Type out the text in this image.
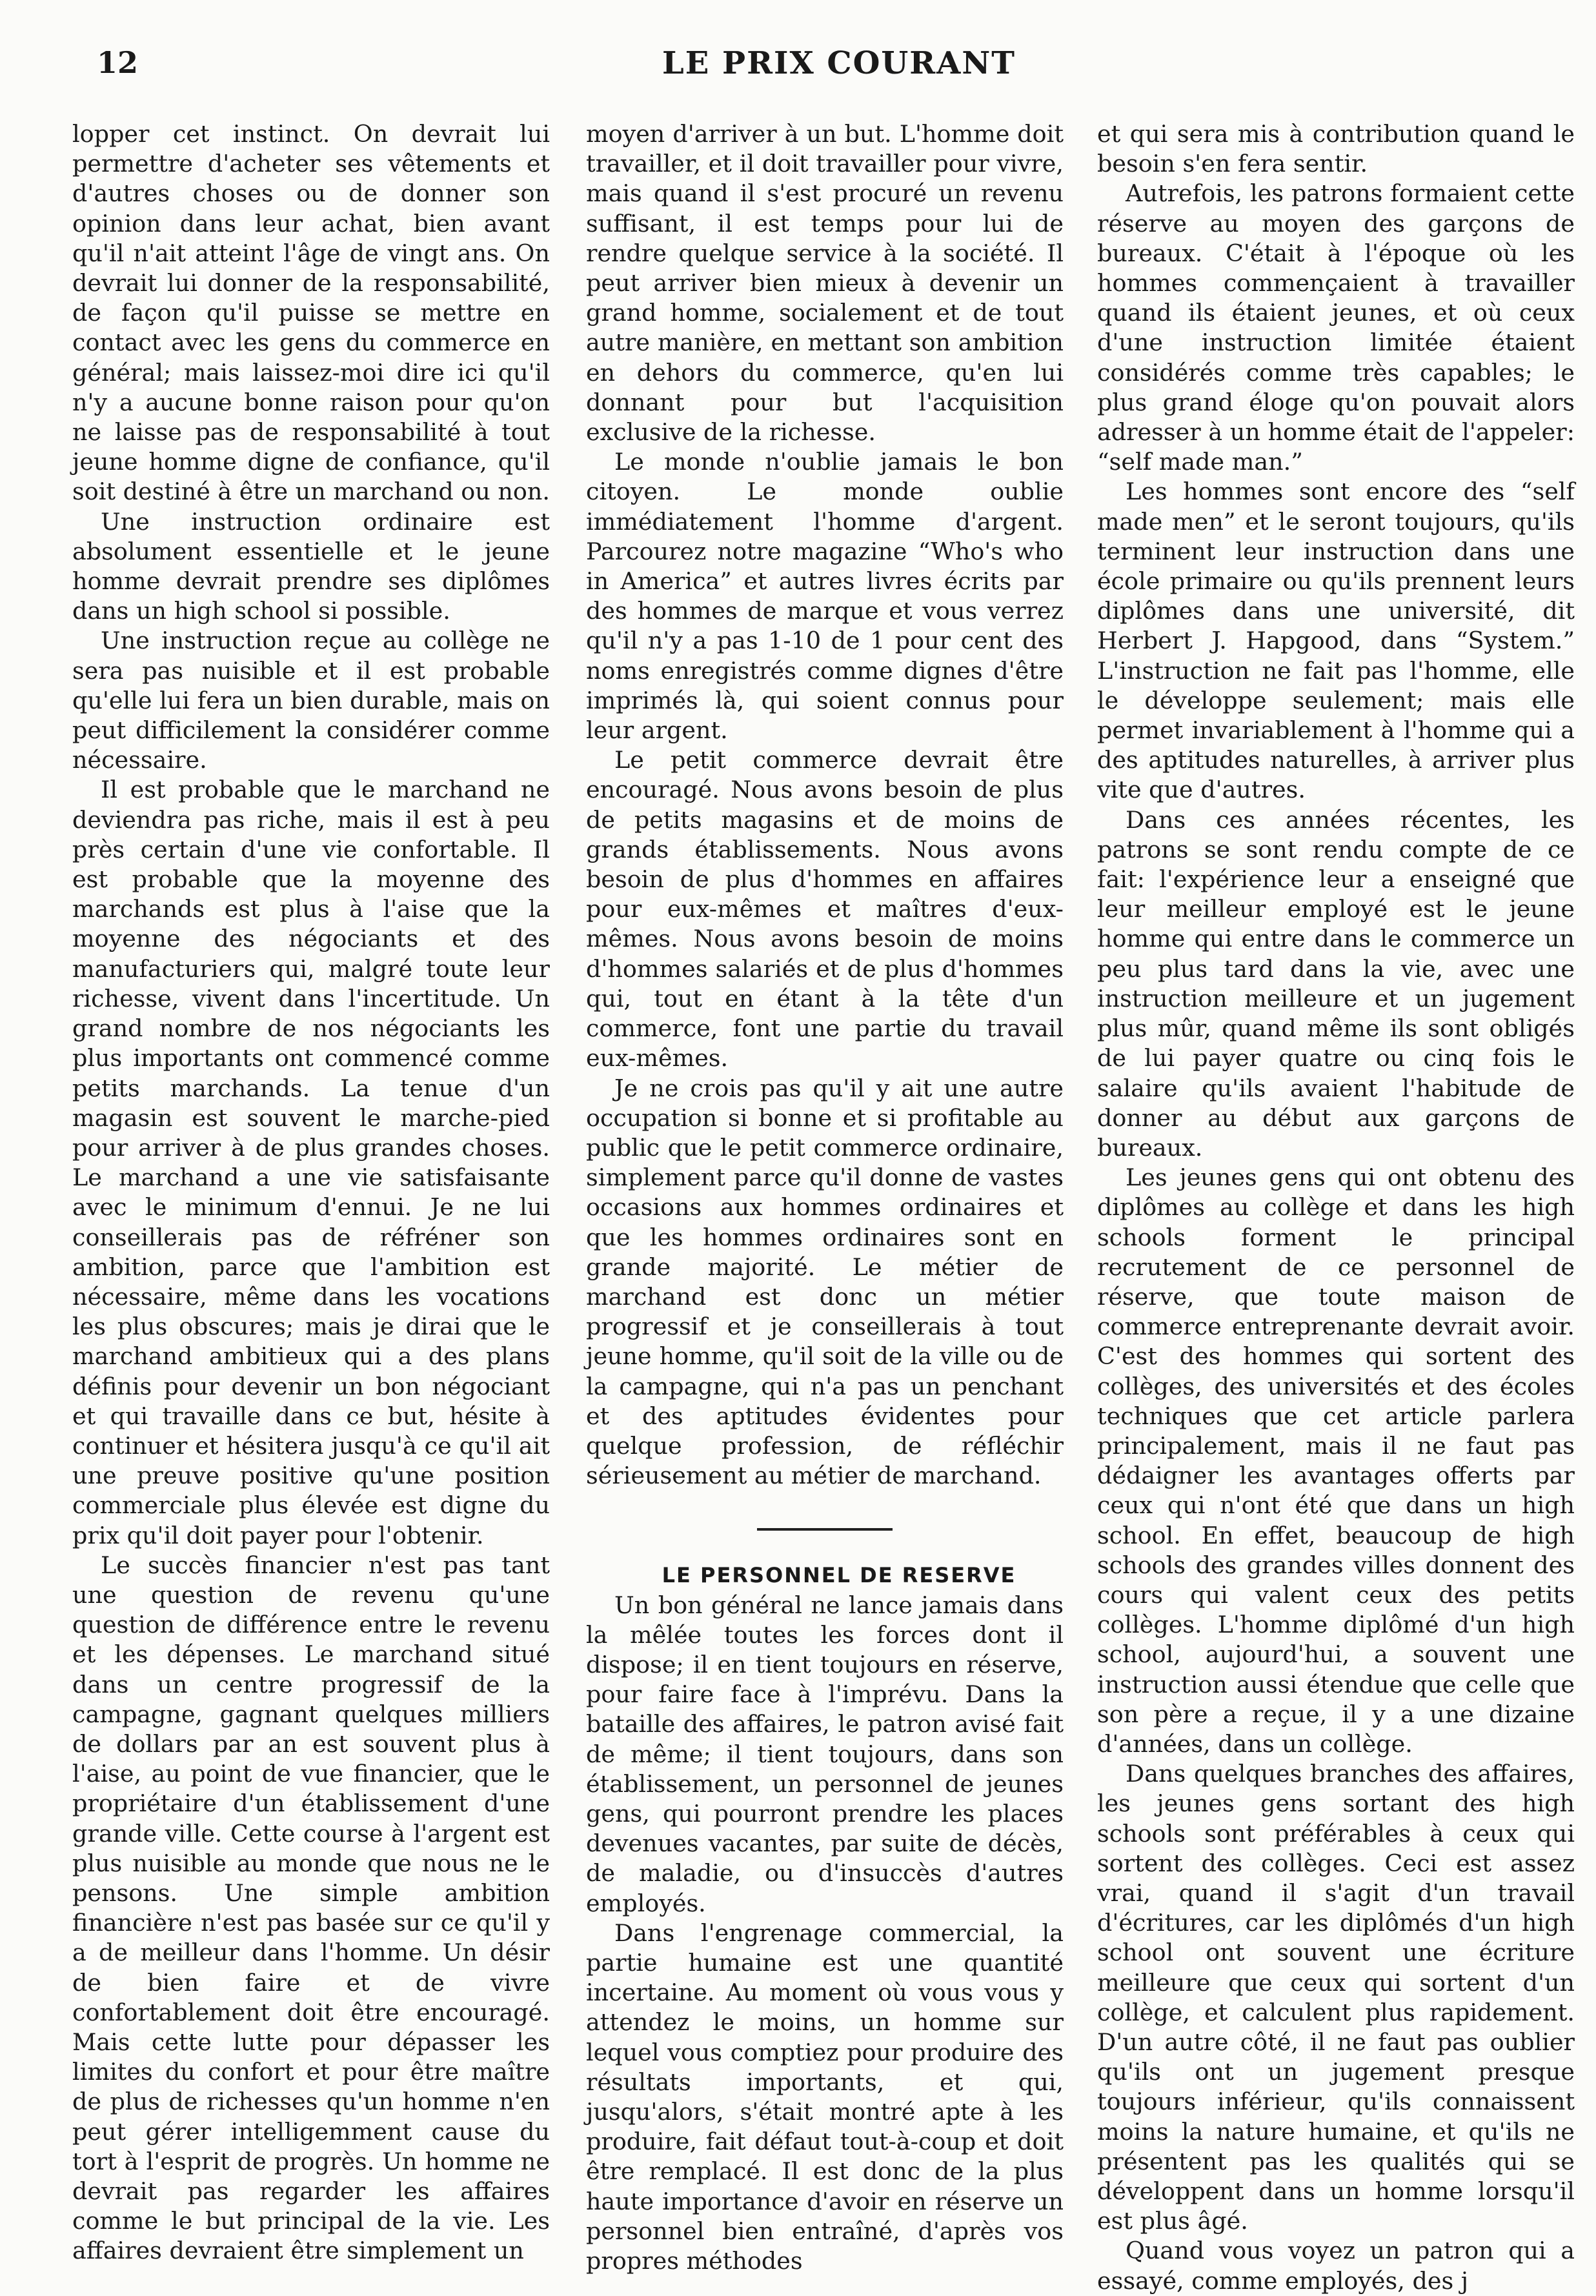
12	LE PRIX COURANT

lopper cet instinct. On devrait lui permettre d'acheter ses vêtements et d'autres choses ou de donner son opinion dans leur achat, bien avant qu'il n'ait atteint l'âge de vingt ans. On devrait lui donner de la responsabilité, de façon qu'il puisse se mettre en contact avec les gens du commerce en général; mais laissez-moi dire ici qu'il n'y a aucune bonne raison pour qu'on ne laisse pas de responsabilité à tout jeune homme digne de confiance, qu'il soit destiné à être un marchand ou non.

Une instruction ordinaire est absolument essentielle et le jeune homme devrait prendre ses diplômes dans un high school si possible.

Une instruction reçue au collège ne sera pas nuisible et il est probable qu'elle lui fera un bien durable, mais on peut difficilement la considérer comme nécessaire.

Il est probable que le marchand ne deviendra pas riche, mais il est à peu près certain d'une vie confortable. Il est probable que la moyenne des marchands est plus à l'aise que la moyenne des négociants et des manufacturiers qui, malgré toute leur richesse, vivent dans l'incertitude. Un grand nombre de nos négociants les plus importants ont commencé comme petits marchands. La tenue d'un magasin est souvent le marche-pied pour arriver à de plus grandes choses. Le marchand a une vie satisfaisante avec le minimum d'ennui. Je ne lui conseillerais pas de réfréner son ambition, parce que l'ambition est nécessaire, même dans les vocations les plus obscures; mais je dirai que le marchand ambitieux qui a des plans définis pour devenir un bon négociant et qui travaille dans ce but, hésite à continuer et hésitera jusqu'à ce qu'il ait une preuve positive qu'une position commerciale plus élevée est digne du prix qu'il doit payer pour l'obtenir.

Le succès financier n'est pas tant une question de revenu qu'une question de différence entre le revenu et les dépenses. Le marchand situé dans un centre progressif de la campagne, gagnant quelques milliers de dollars par an est souvent plus à l'aise, au point de vue financier, que le propriétaire d'un établissement d'une grande ville. Cette course à l'argent est plus nuisible au monde que nous ne le pensons. Une simple ambition financière n'est pas basée sur ce qu'il y a de meilleur dans l'homme. Un désir de bien faire et de vivre confortablement doit être encouragé. Mais cette lutte pour dépasser les limites du confort et pour être maître de plus de richesses qu'un homme n'en peut gérer intelligemment cause du tort à l'esprit de progrès. Un homme ne devrait pas regarder les affaires comme le but principal de la vie. Les affaires devraient être simplement un

moyen d'arriver à un but. L'homme doit travailler, et il doit travailler pour vivre, mais quand il s'est procuré un revenu suffisant, il est temps pour lui de rendre quelque service à la société. Il peut arriver bien mieux à devenir un grand homme, socialement et de tout autre manière, en mettant son ambition en dehors du commerce, qu'en lui donnant pour but l'acquisition exclusive de la richesse.

Le monde n'oublie jamais le bon citoyen. Le monde oublie immédiatement l'homme d'argent. Parcourez notre magazine “Who's who in America” et autres livres écrits par des hommes de marque et vous verrez qu'il n'y a pas 1-10 de 1 pour cent des noms enregistrés comme dignes d'être imprimés là, qui soient connus pour leur argent.

Le petit commerce devrait être encouragé. Nous avons besoin de plus de petits magasins et de moins de grands établissements. Nous avons besoin de plus d'hommes en affaires pour eux-mêmes et maîtres d'eux-mêmes. Nous avons besoin de moins d'hommes salariés et de plus d'hommes qui, tout en étant à la tête d'un commerce, font une partie du travail eux-mêmes.

Je ne crois pas qu'il y ait une autre occupation si bonne et si profitable au public que le petit commerce ordinaire, simplement parce qu'il donne de vastes occasions aux hommes ordinaires et que les hommes ordinaires sont en grande majorité. Le métier de marchand est donc un métier progressif et je conseillerais à tout jeune homme, qu'il soit de la ville ou de la campagne, qui n'a pas un penchant et des aptitudes évidentes pour quelque profession, de réfléchir sérieusement au métier de marchand.

LE PERSONNEL DE RESERVE

Un bon général ne lance jamais dans la mêlée toutes les forces dont il dispose; il en tient toujours en réserve, pour faire face à l'imprévu. Dans la bataille des affaires, le patron avisé fait de même; il tient toujours, dans son établissement, un personnel de jeunes gens, qui pourront prendre les places devenues vacantes, par suite de décès, de maladie, ou d'insuccès d'autres employés.

Dans l'engrenage commercial, la partie humaine est une quantité incertaine. Au moment où vous vous y attendez le moins, un homme sur lequel vous comptiez pour produire des résultats importants, et qui, jusqu'alors, s'était montré apte à les produire, fait défaut tout-à-coup et doit être remplacé. Il est donc de la plus haute importance d'avoir en réserve un personnel bien entraîné, d'après vos propres méthodes

et qui sera mis à contribution quand le besoin s'en fera sentir.

Autrefois, les patrons formaient cette réserve au moyen des garçons de bureaux. C'était à l'époque où les hommes commençaient à travailler quand ils étaient jeunes, et où ceux d'une instruction limitée étaient considérés comme très capables; le plus grand éloge qu'on pouvait alors adresser à un homme était de l'appeler: “self made man.”

Les hommes sont encore des “self made men” et le seront toujours, qu'ils terminent leur instruction dans une école primaire ou qu'ils prennent leurs diplômes dans une université, dit Herbert J. Hapgood, dans “System.” L'instruction ne fait pas l'homme, elle le développe seulement; mais elle permet invariablement à l'homme qui a des aptitudes naturelles, à arriver plus vite que d'autres.

Dans ces années récentes, les patrons se sont rendu compte de ce fait: l'expérience leur a enseigné que leur meilleur employé est le jeune homme qui entre dans le commerce un peu plus tard dans la vie, avec une instruction meilleure et un jugement plus mûr, quand même ils sont obligés de lui payer quatre ou cinq fois le salaire qu'ils avaient l'habitude de donner au début aux garçons de bureaux.

Les jeunes gens qui ont obtenu des diplômes au collège et dans les high schools forment le principal recrutement de ce personnel de réserve, que toute maison de commerce entreprenante devrait avoir. C'est des hommes qui sortent des collèges, des universités et des écoles techniques que cet article parlera principalement, mais il ne faut pas dédaigner les avantages offerts par ceux qui n'ont été que dans un high school. En effet, beaucoup de high schools des grandes villes donnent des cours qui valent ceux des petits collèges. L'homme diplômé d'un high school, aujourd'hui, a souvent une instruction aussi étendue que celle que son père a reçue, il y a une dizaine d'années, dans un collège.

Dans quelques branches des affaires, les jeunes gens sortant des high schools sont préférables à ceux qui sortent des collèges. Ceci est assez vrai, quand il s'agit d'un travail d'écritures, car les diplômés d'un high school ont souvent une écriture meilleure que ceux qui sortent d'un collège, et calculent plus rapidement. D'un autre côté, il ne faut pas oublier qu'ils ont un jugement presque toujours inférieur, qu'ils connaissent moins la nature humaine, et qu'ils ne présentent pas les qualités qui se développent dans un homme lorsqu'il est plus âgé.

Quand vous voyez un patron qui a essayé, comme employés, des j
